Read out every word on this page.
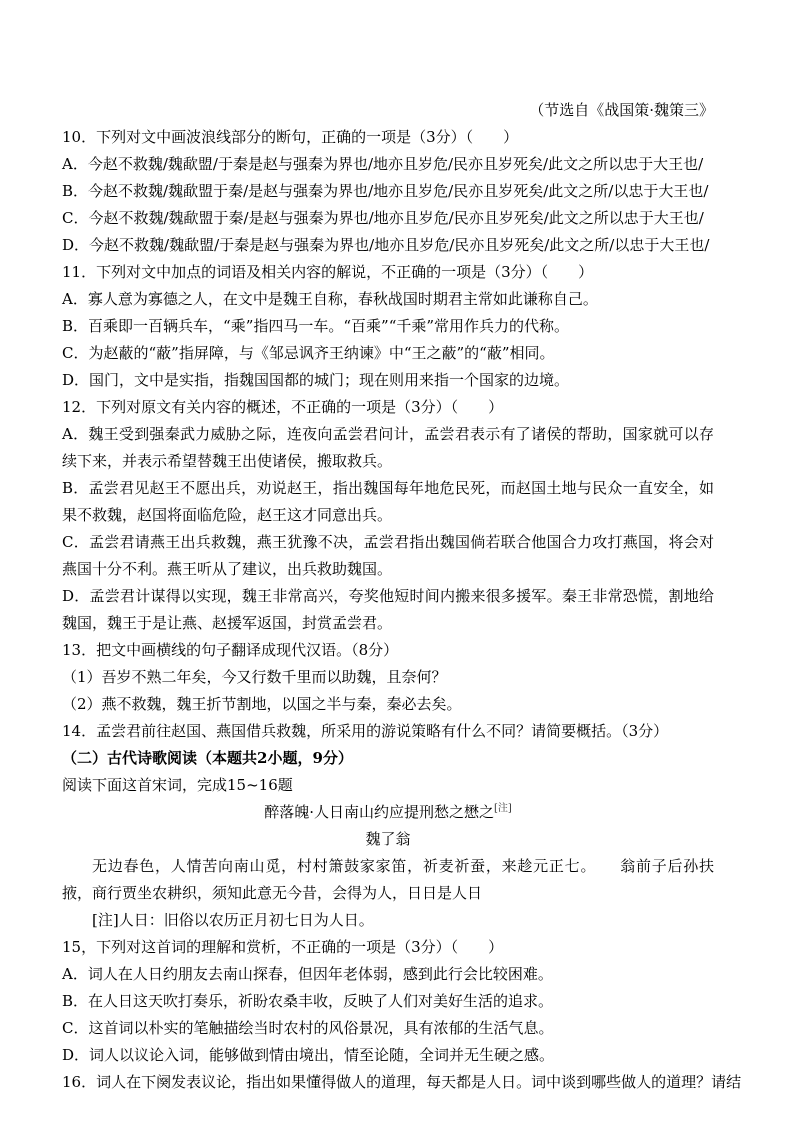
（节选自《战国策·魏策三》

10．下列对文中画波浪线部分的断句，正确的一项是（3分）（　　）

A．今赵不救魏/魏歃盟/于秦是赵与强秦为界也/地亦且岁危/民亦且岁死矣/此文之所以忠于大王也/

B．今赵不救魏/魏歃盟于秦/是赵与强秦为界也/地亦且岁危/民亦且岁死矣/此文之所/以忠于大王也/

C．今赵不救魏/魏歃盟于秦/是赵与强秦为界也/地亦且岁危/民亦且岁死矣/此文之所以忠于大王也/

D．今赵不救魏/魏歃盟/于秦是赵与强秦为界也/地亦且岁危/民亦且岁死矣/此文之所/以忠于大王也/

11．下列对文中加点的词语及相关内容的解说，不正确的一项是（3分）（　　）

A．寡人意为寡德之人，在文中是魏王自称，春秋战国时期君主常如此谦称自己。

B．百乘即一百辆兵车，“乘”指四马一车。“百乘”“千乘”常用作兵力的代称。

C．为赵蔽的“蔽”指屏障，与《邹忌讽齐王纳谏》中“王之蔽”的“蔽”相同。

D．国门，文中是实指，指魏国国都的城门；现在则用来指一个国家的边境。

12．下列对原文有关内容的概述，不正确的一项是（3分）（　　）

A．魏王受到强秦武力威胁之际，连夜向孟尝君问计，孟尝君表示有了诸侯的帮助，国家就可以存续下来，并表示希望替魏王出使诸侯，搬取救兵。

B．孟尝君见赵王不愿出兵，劝说赵王，指出魏国每年地危民死，而赵国土地与民众一直安全，如果不救魏，赵国将面临危险，赵王这才同意出兵。

C．孟尝君请燕王出兵救魏，燕王犹豫不决，孟尝君指出魏国倘若联合他国合力攻打燕国，将会对燕国十分不利。燕王听从了建议，出兵救助魏国。

D．孟尝君计谋得以实现，魏王非常高兴，夸奖他短时间内搬来很多援军。秦王非常恐慌，割地给魏国，魏王于是让燕、赵援军返国，封赏孟尝君。

13．把文中画横线的句子翻译成现代汉语。（8分）

（1）吾岁不熟二年矣，今又行数千里而以助魏，且奈何？

（2）燕不救魏，魏王折节割地，以国之半与秦，秦必去矣。

14．孟尝君前往赵国、燕国借兵救魏，所采用的游说策略有什么不同？请简要概括。（3分）

（二）古代诗歌阅读（本题共2小题，9分）

阅读下面这首宋词，完成15~16题

醉落魄·人日南山约应提刑愁之懋之[注]

魏了翁

无边春色，人情苦向南山觅，村村箫鼓家家笛，祈麦祈蚕，来趁元正七。　　翁前子后孙扶掖，商行贾坐农耕织，须知此意无今昔，会得为人，日日是人日

[注]人日：旧俗以农历正月初七日为人日。

15，下列对这首词的理解和赏析，不正确的一项是（3分）（　　）

A．词人在人日约朋友去南山探春，但因年老体弱，感到此行会比较困难。

B．在人日这天吹打奏乐，祈盼农桑丰收，反映了人们对美好生活的追求。

C．这首词以朴实的笔触描绘当时农村的风俗景况，具有浓郁的生活气息。

D．词人以议论入词，能够做到情由境出，情至论随，全词并无生硬之感。

16．词人在下阕发表议论，指出如果懂得做人的道理，每天都是人日。词中谈到哪些做人的道理？请结
